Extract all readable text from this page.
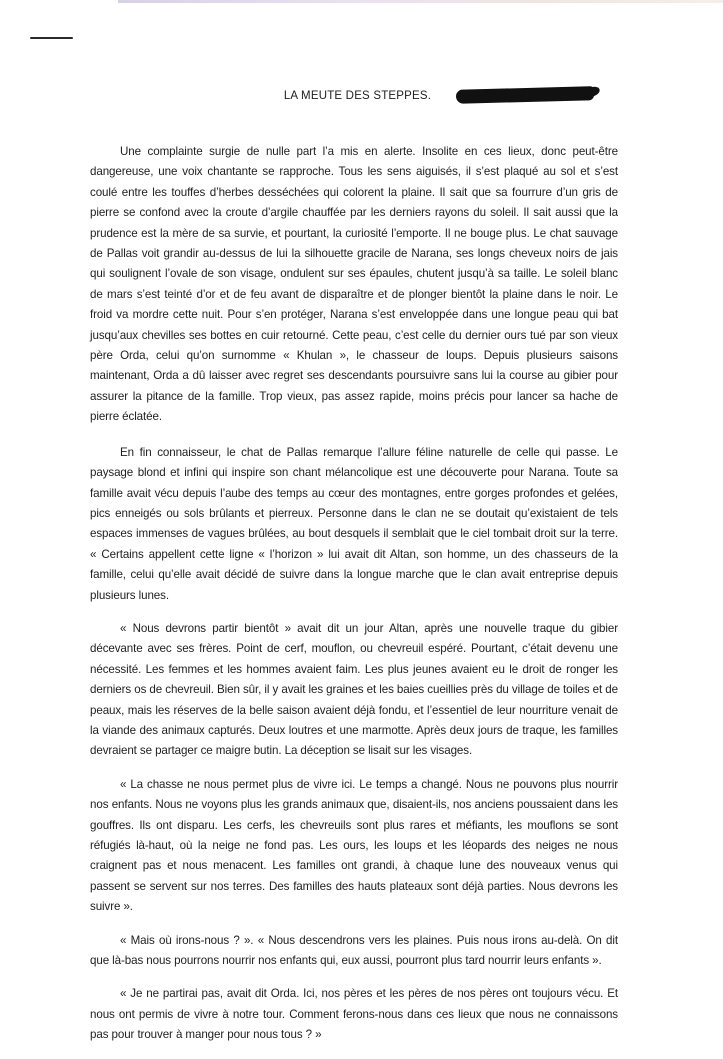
LA MEUTE DES STEPPES.

Une complainte surgie de nulle part l’a mis en alerte. Insolite en ces lieux, donc peut-être dangereuse, une voix chantante se rapproche. Tous les sens aiguisés, il s’est plaqué au sol et s’est coulé entre les touffes d’herbes desséchées qui colorent la plaine. Il sait que sa fourrure d’un gris de pierre se confond avec la croute d’argile chauffée par les derniers rayons du soleil. Il sait aussi que la prudence est la mère de sa survie, et pourtant, la curiosité l’emporte. Il ne bouge plus. Le chat sauvage de Pallas voit grandir au-dessus de lui la silhouette gracile de Narana, ses longs cheveux noirs de jais qui soulignent l’ovale de son visage, ondulent sur ses épaules, chutent jusqu’à sa taille. Le soleil blanc de mars s’est teinté d’or et de feu avant de disparaître et de plonger bientôt la plaine dans le noir. Le froid va mordre cette nuit. Pour s’en protéger, Narana s’est enveloppée dans une longue peau qui bat jusqu’aux chevilles ses bottes en cuir retourné. Cette peau, c’est celle du dernier ours tué par son vieux père Orda, celui qu’on surnomme « Khulan », le chasseur de loups. Depuis plusieurs saisons maintenant, Orda a dû laisser avec regret ses descendants poursuivre sans lui la course au gibier pour assurer la pitance de la famille. Trop vieux, pas assez rapide, moins précis pour lancer sa hache de pierre éclatée.

En fin connaisseur, le chat de Pallas remarque l’allure féline naturelle de celle qui passe. Le paysage blond et infini qui inspire son chant mélancolique est une découverte pour Narana. Toute sa famille avait vécu depuis l’aube des temps au cœur des montagnes, entre gorges profondes et gelées, pics enneigés ou sols brûlants et pierreux. Personne dans le clan ne se doutait qu’existaient de tels espaces immenses de vagues brûlées, au bout desquels il semblait que le ciel tombait droit sur la terre. « Certains appellent cette ligne « l’horizon » lui avait dit Altan, son homme, un des chasseurs de la famille, celui qu’elle avait décidé de suivre dans la longue marche que le clan avait entreprise depuis plusieurs lunes.

« Nous devrons partir bientôt » avait dit un jour Altan, après une nouvelle traque du gibier décevante avec ses frères. Point de cerf, mouflon, ou chevreuil espéré. Pourtant, c’était devenu une nécessité. Les femmes et les hommes avaient faim. Les plus jeunes avaient eu le droit de ronger les derniers os de chevreuil. Bien sûr, il y avait les graines et les baies cueillies près du village de toiles et de peaux, mais les réserves de la belle saison avaient déjà fondu, et l’essentiel de leur nourriture venait de la viande des animaux capturés. Deux loutres et une marmotte. Après deux jours de traque, les familles devraient se partager ce maigre butin. La déception se lisait sur les visages.

« La chasse ne nous permet plus de vivre ici. Le temps a changé. Nous ne pouvons plus nourrir nos enfants. Nous ne voyons plus les grands animaux que, disaient-ils, nos anciens poussaient dans les gouffres. Ils ont disparu. Les cerfs, les chevreuils sont plus rares et méfiants, les mouflons se sont réfugiés là-haut, où la neige ne fond pas. Les ours, les loups et les léopards des neiges ne nous craignent pas et nous menacent. Les familles ont grandi, à chaque lune des nouveaux venus qui passent se servent sur nos terres. Des familles des hauts plateaux sont déjà parties. Nous devrons les suivre ».

« Mais où irons-nous ? ». « Nous descendrons vers les plaines. Puis nous irons au-delà. On dit que là-bas nous pourrons nourrir nos enfants qui, eux aussi, pourront plus tard nourrir leurs enfants ».

« Je ne partirai pas, avait dit Orda. Ici, nos pères et les pères de nos pères ont toujours vécu. Et nous ont permis de vivre à notre tour. Comment ferons-nous dans ces lieux que nous ne connaissons pas pour trouver à manger pour nous tous ? »
